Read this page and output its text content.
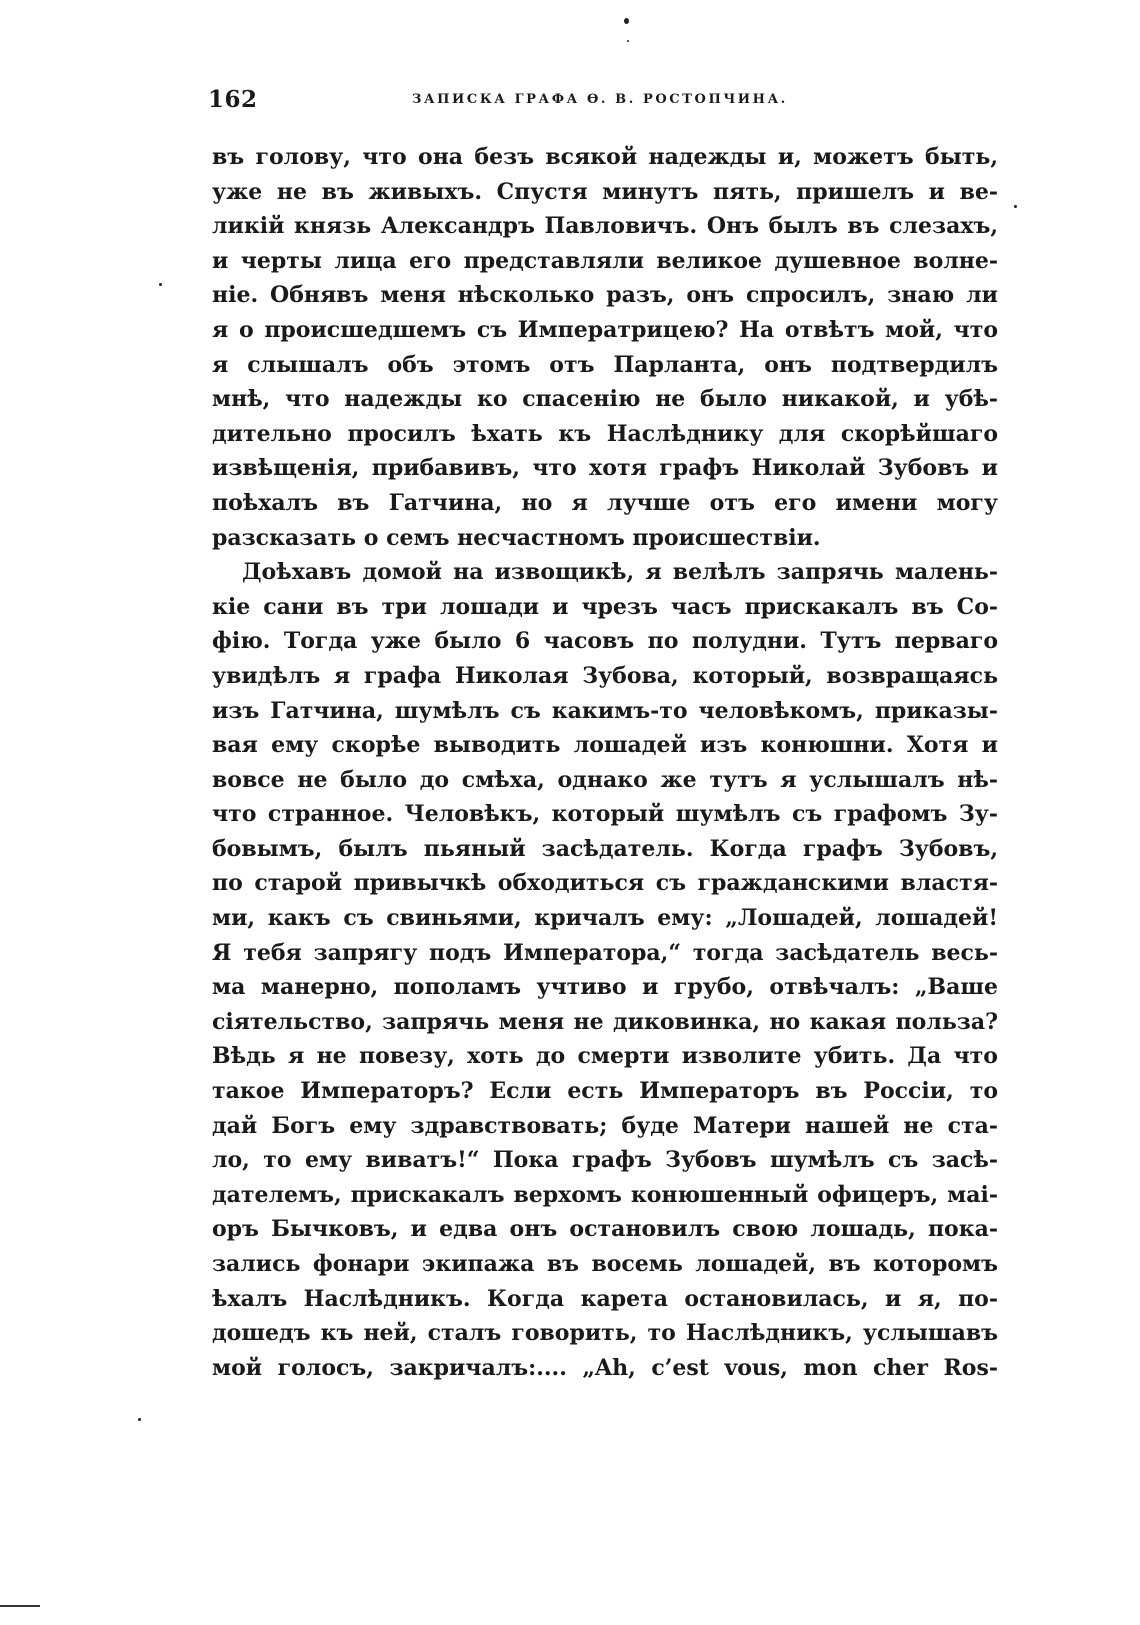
162	ЗАПИСКА ГРАФА Ѳ. В. РОСТОПЧИНА.
въ голову, что она безъ всякой надежды и, можетъ быть,
уже не въ живыхъ. Спустя минутъ пять, пришелъ и ве-
ликій князь Александръ Павловичъ. Онъ былъ въ слезахъ,
и черты лица его представляли великое душевное волне-
ніе. Обнявъ меня нѣсколько разъ, онъ спросилъ, знаю ли
я о происшедшемъ съ Императрицею? На отвѣтъ мой, что
я слышалъ объ этомъ отъ Парланта, онъ подтвердилъ
мнѣ, что надежды ко спасенію не было никакой, и убѣ-
дительно просилъ ѣхать къ Наслѣднику для скорѣйшаго
извѣщенія, прибавивъ, что хотя графъ Николай Зубовъ и
поѣхалъ въ Гатчина, но я лучше отъ его имени могу
разсказать о семъ несчастномъ происшествіи.
Доѣхавъ домой на извощикѣ, я велѣлъ запрячь малень-
кіе сани въ три лошади и чрезъ часъ прискакалъ въ Со-
фію. Тогда уже было 6 часовъ по полудни. Тутъ перваго
увидѣлъ я графа Николая Зубова, который, возвращаясь
изъ Гатчина, шумѣлъ съ какимъ-то человѣкомъ, приказы-
вая ему скорѣе выводить лошадей изъ конюшни. Хотя и
вовсе не было до смѣха, однако же тутъ я услышалъ нѣ-
что странное. Человѣкъ, который шумѣлъ съ графомъ Зу-
бовымъ, былъ пьяный засѣдатель. Когда графъ Зубовъ,
по старой привычкѣ обходиться съ гражданскими властя-
ми, какъ съ свиньями, кричалъ ему: „Лошадей, лошадей!
Я тебя запрягу подъ Императора,“ тогда засѣдатель весь-
ма манерно, пополамъ учтиво и грубо, отвѣчалъ: „Ваше
сіятельство, запрячь меня не диковинка, но какая польза?
Вѣдь я не повезу, хоть до смерти изволите убить. Да что
такое Императоръ? Если есть Императоръ въ Россіи, то
дай Богъ ему здравствовать; буде Матери нашей не ста-
ло, то ему виватъ!“ Пока графъ Зубовъ шумѣлъ съ засѣ-
дателемъ, прискакалъ верхомъ конюшенный офицеръ, маі-
оръ Бычковъ, и едва онъ остановилъ свою лошадь, пока-
зались фонари экипажа въ восемь лошадей, въ которомъ
ѣхалъ Наслѣдникъ. Когда карета остановилась, и я, по-
дошедъ къ ней, сталъ говорить, то Наслѣдникъ, услышавъ
мой голосъ, закричалъ:.... „Ah, c’est vous, mon cher Ros-
